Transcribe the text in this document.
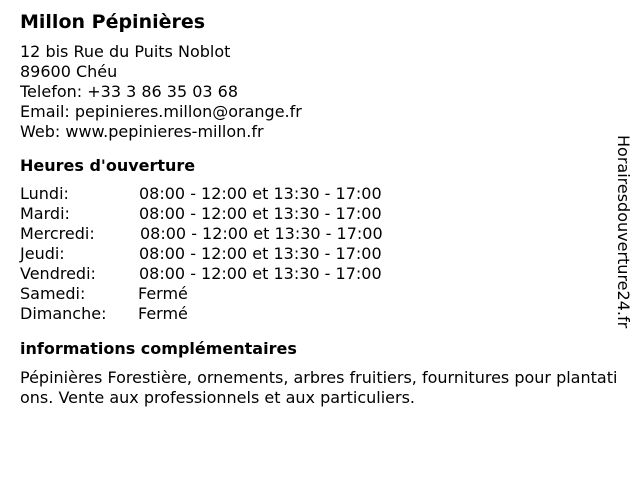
Millon Pépinières
12 bis Rue du Puits Noblot
89600 Chéu
Telefon: +33 3 86 35 03 68
Email: pepinieres.millon@orange.fr
Web: www.pepinieres-millon.fr
Heures d'ouverture
Lundi:	08:00 - 12:00 et 13:30 - 17:00
Mardi:	08:00 - 12:00 et 13:30 - 17:00
Mercredi:	08:00 - 12:00 et 13:30 - 17:00
Jeudi:	08:00 - 12:00 et 13:30 - 17:00
Vendredi:	08:00 - 12:00 et 13:30 - 17:00
Samedi:	Fermé
Dimanche: Fermé
informations complémentaires
Pépinières Forestière, ornements, arbres fruitiers, fournitures pour plantations. Vente aux professionnels et aux particuliers.
Horairesdouverture24.fr
